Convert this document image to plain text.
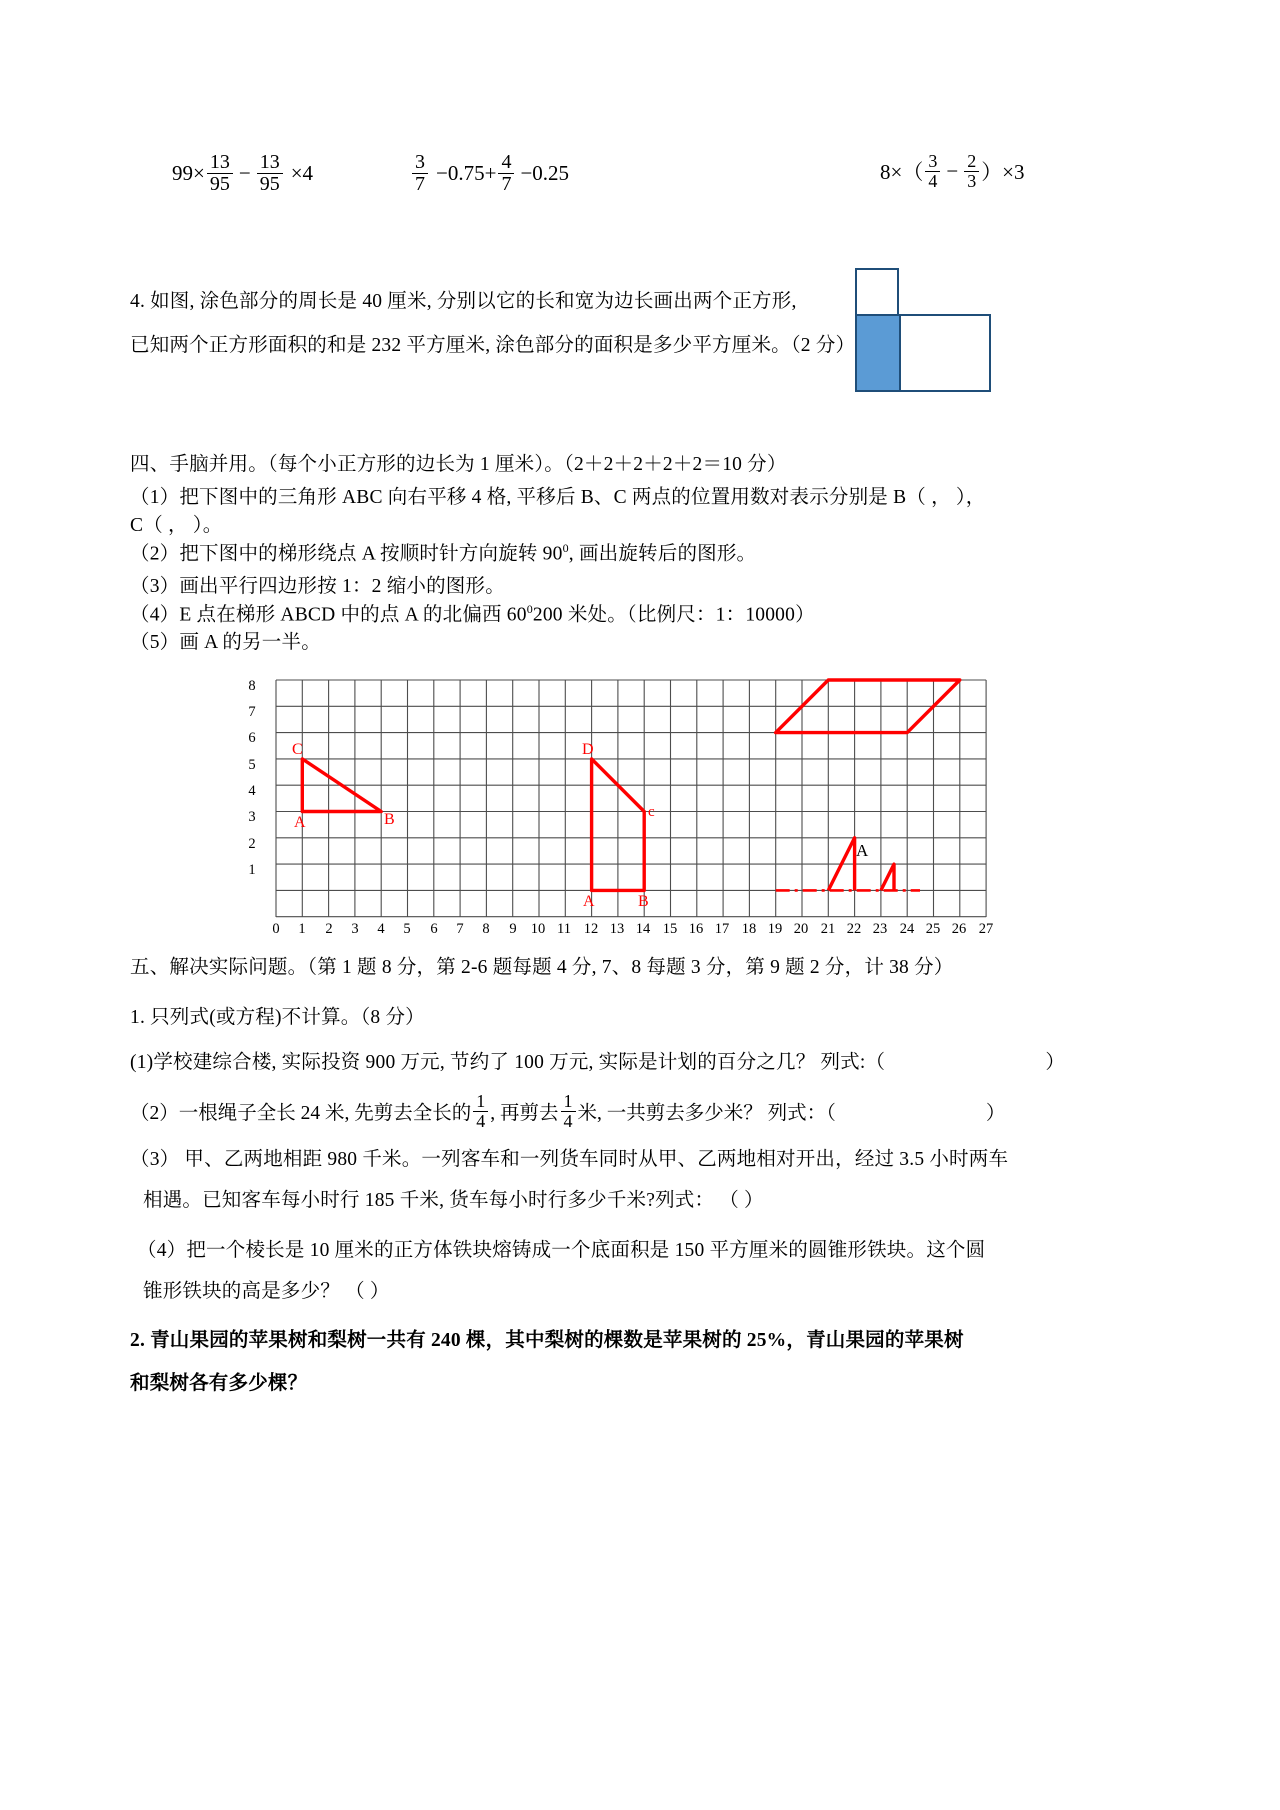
$99\times \frac{13}{95} - \frac{13}{95} \times 4$	$\frac{3}{7} -0.75+ \frac{4}{7} -0.25$	$8\times( \frac{3}{4} - \frac{2}{3} )\times 3$
4. 如图, 涂色部分的周长是 40 厘米, 分别以它的长和宽为边长画出两个正方形,
已知两个正方形面积的和是 232 平方厘米, 涂色部分的面积是多少平方厘米。（2 分）
四、手脑并用。（每个小正方形的边长为 1 厘米）。（2＋2＋2＋2＋2＝10 分）
（1）把下图中的三角形 ABC 向右平移 4 格, 平移后 B、C 两点的位置用数对表示分别是 B（ ， ），
C（ ， ）。
（2）把下图中的梯形绕点 A 按顺时针方向旋转 $90^0$, 画出旋转后的图形。
（3）画出平行四边形按 1：2 缩小的图形。
（4）E 点在梯形 ABCD 中的点 A 的北偏西 $60^0200$ 米处。（比例尺：1：10000）
（5）画 A 的另一半。
A	B
C
A	B
c
D
A
8
7
6
5
4
3
2
1
0	1	2	3	4	5	6	7	8	9 10 11 12 13 14 15 16 17 18 19 20 21 22 23 24 25 26 27
五、解决实际问题。（第 1 题 8 分，第 2-6 题每题 4 分, 7、8 每题 3 分，第 9 题 2 分，计 38 分）
1. 只列式(或方程)不计算。（8 分）
(1)学校建综合楼, 实际投资 900 万元, 节约了 100 万元, 实际是计划的百分之几？ 列式:（	）
（2）一根绳子全长 24 米, 先剪去全长的 $\frac{1}{4}$ , 再剪去 $\frac{1}{4}$ 米, 一共剪去多少米？ 列式：（	）
（3） 甲、乙两地相距 980 千米。一列客车和一列货车同时从甲、乙两地相对开出，经过 3.5 小时两车
相遇。已知客车每小时行 185 千米, 货车每小时行多少千米?列式： （ ）
（4）把一个棱长是 10 厘米的正方体铁块熔铸成一个底面积是 150 平方厘米的圆锥形铁块。这个圆
锥形铁块的高是多少？ （ ）
2. 青山果园的苹果树和梨树一共有 240 棵，其中梨树的棵数是苹果树的 25%，青山果园的苹果树
和梨树各有多少棵？
